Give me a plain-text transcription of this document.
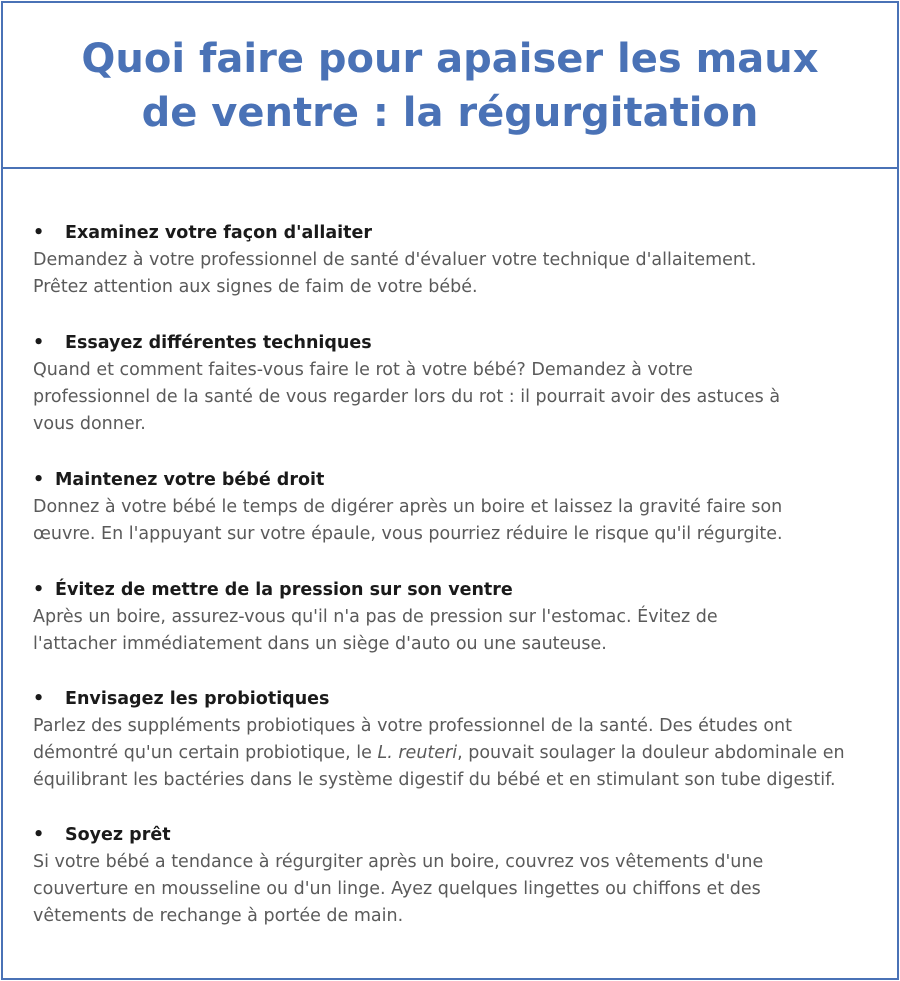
Quoi faire pour apaiser les maux
de ventre : la régurgitation
• Examinez votre façon d'allaiter

Demandez à votre professionnel de santé d'évaluer votre technique d'allaitement.
Prêtez attention aux signes de faim de votre bébé.

• Essayez différentes techniques

Quand et comment faites-vous faire le rot à votre bébé? Demandez à votre
professionnel de la santé de vous regarder lors du rot : il pourrait avoir des astuces à
vous donner.

• Maintenez votre bébé droit

Donnez à votre bébé le temps de digérer après un boire et laissez la gravité faire son
œuvre. En l'appuyant sur votre épaule, vous pourriez réduire le risque qu'il régurgite.

• Évitez de mettre de la pression sur son ventre

Après un boire, assurez-vous qu'il n'a pas de pression sur l'estomac. Évitez de
l'attacher immédiatement dans un siège d'auto ou une sauteuse.

• Envisagez les probiotiques

Parlez des suppléments probiotiques à votre professionnel de la santé. Des études ont
démontré qu'un certain probiotique, le L. reuteri, pouvait soulager la douleur abdominale en
équilibrant les bactéries dans le système digestif du bébé et en stimulant son tube digestif.

• Soyez prêt

Si votre bébé a tendance à régurgiter après un boire, couvrez vos vêtements d'une
couverture en mousseline ou d'un linge. Ayez quelques lingettes ou chiffons et des
vêtements de rechange à portée de main.
